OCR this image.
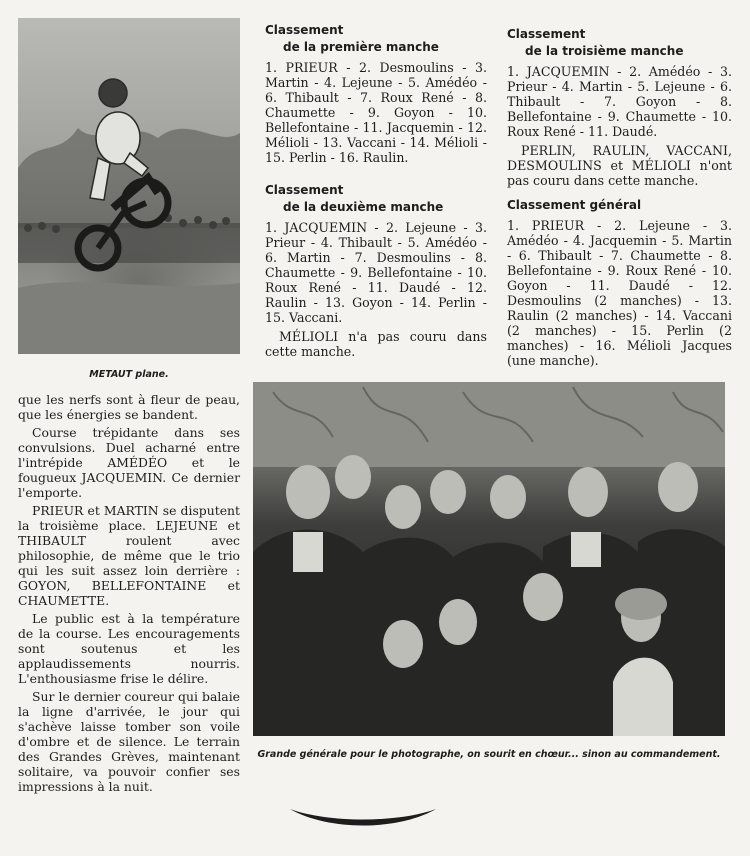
METAUT plane.
Classement
de la première manche

1. PRIEUR - 2. Desmoulins - 3. Martin - 4. Lejeune - 5. Amédéo - 6. Thibault - 7. Roux René - 8. Chaumette - 9. Goyon - 10. Bellefontaine - 11. Jacquemin - 12. Mélioli - 13. Vaccani - 14. Mélioli - 15. Perlin - 16. Raulin.

Classement
de la deuxième manche

1. JACQUEMIN - 2. Lejeune - 3. Prieur - 4. Thibault - 5. Amédéo - 6. Martin - 7. Desmoulins - 8. Chaumette - 9. Bellefontaine - 10. Roux René - 11. Daudé - 12. Raulin - 13. Goyon - 14. Perlin - 15. Vaccani.

MÉLIOLI n'a pas couru dans cette manche.

Classement
de la troisième manche

1. JACQUEMIN - 2. Amédéo - 3. Prieur - 4. Martin - 5. Lejeune - 6. Thibault - 7. Goyon - 8. Bellefontaine - 9. Chaumette - 10. Roux René - 11. Daudé.

PERLIN, RAULIN, VACCANI, DESMOULINS et MÉLIOLI n'ont pas couru dans cette manche.

Classement général

1. PRIEUR - 2. Lejeune - 3. Amédéo - 4. Jacquemin - 5. Martin - 6. Thibault - 7. Chaumette - 8. Bellefontaine - 9. Roux René - 10. Goyon - 11. Daudé - 12. Desmoulins (2 manches) - 13. Raulin (2 manches) - 14. Vaccani (2 manches) - 15. Perlin (2 manches) - 16. Mélioli Jacques (une manche).

que les nerfs sont à fleur de peau, que les énergies se bandent.

Course trépidante dans ses convulsions. Duel acharné entre l'intrépide AMÉDÉO et le fougueux JACQUEMIN. Ce dernier l'emporte.

PRIEUR et MARTIN se disputent la troisième place. LEJEUNE et THIBAULT roulent avec philosophie, de même que le trio qui les suit assez loin derrière : GOYON, BELLEFONTAINE et CHAUMETTE.

Le public est à la température de la course. Les encouragements sont soutenus et les applaudissements nourris. L'enthousiasme frise le délire.

Sur le dernier coureur qui balaie la ligne d'arrivée, le jour qui s'achève laisse tomber son voile d'ombre et de silence. Le terrain des Grandes Grèves, maintenant solitaire, va pouvoir confier ses impressions à la nuit.

Grande générale pour le photographe, on sourit en chœur... sinon au commandement.
